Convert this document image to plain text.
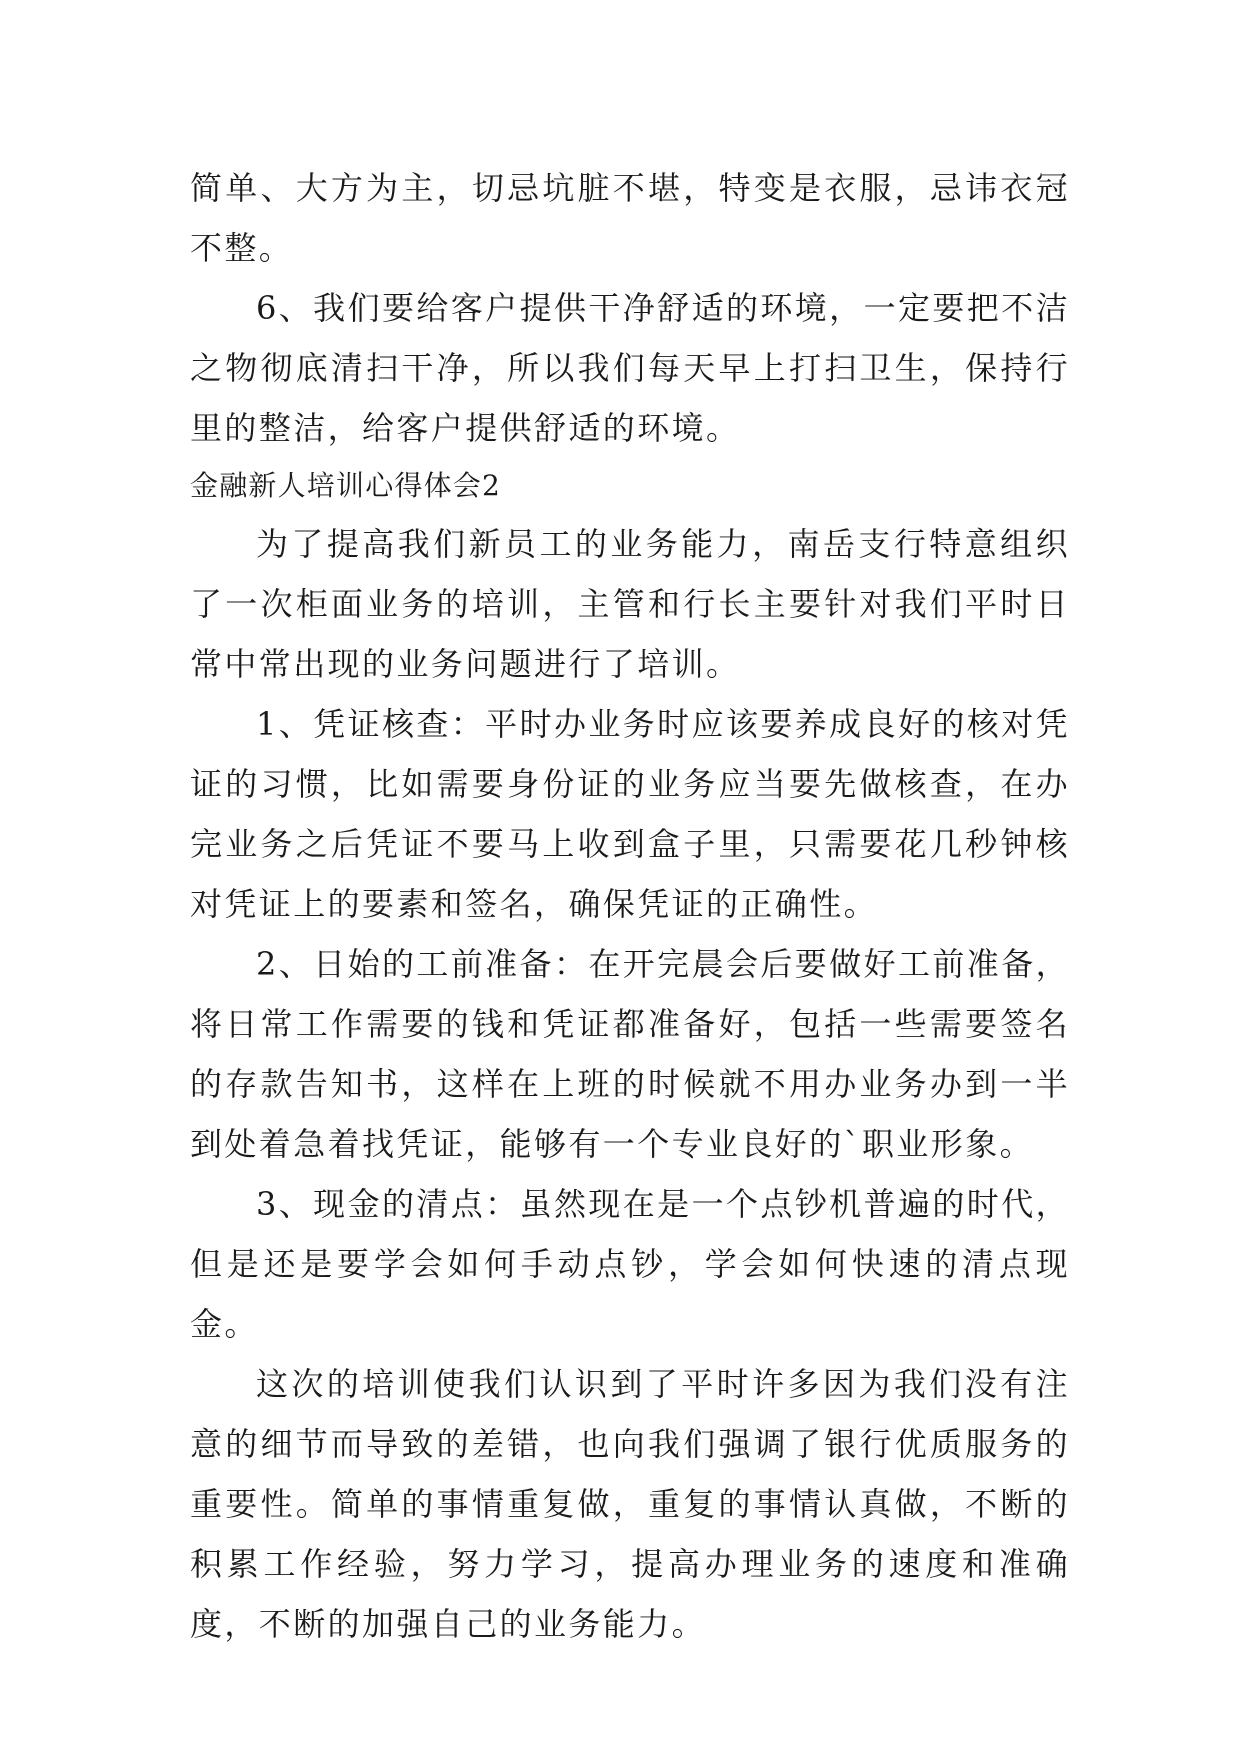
简单、大方为主，切忌坑脏不堪，特变是衣服，忌讳衣冠不整。

6、我们要给客户提供干净舒适的环境，一定要把不洁之物彻底清扫干净，所以我们每天早上打扫卫生，保持行里的整洁，给客户提供舒适的环境。

金融新人培训心得体会2

为了提高我们新员工的业务能力，南岳支行特意组织了一次柜面业务的培训，主管和行长主要针对我们平时日常中常出现的业务问题进行了培训。

1、凭证核查：平时办业务时应该要养成良好的核对凭证的习惯，比如需要身份证的业务应当要先做核查，在办完业务之后凭证不要马上收到盒子里，只需要花几秒钟核对凭证上的要素和签名，确保凭证的正确性。

2、日始的工前准备：在开完晨会后要做好工前准备，将日常工作需要的钱和凭证都准备好，包括一些需要签名的存款告知书，这样在上班的时候就不用办业务办到一半到处着急着找凭证，能够有一个专业良好的`职业形象。

3、现金的清点：虽然现在是一个点钞机普遍的时代，但是还是要学会如何手动点钞，学会如何快速的清点现金。

这次的培训使我们认识到了平时许多因为我们没有注意的细节而导致的差错，也向我们强调了银行优质服务的重要性。简单的事情重复做，重复的事情认真做，不断的积累工作经验，努力学习，提高办理业务的速度和准确度，不断的加强自己的业务能力。
